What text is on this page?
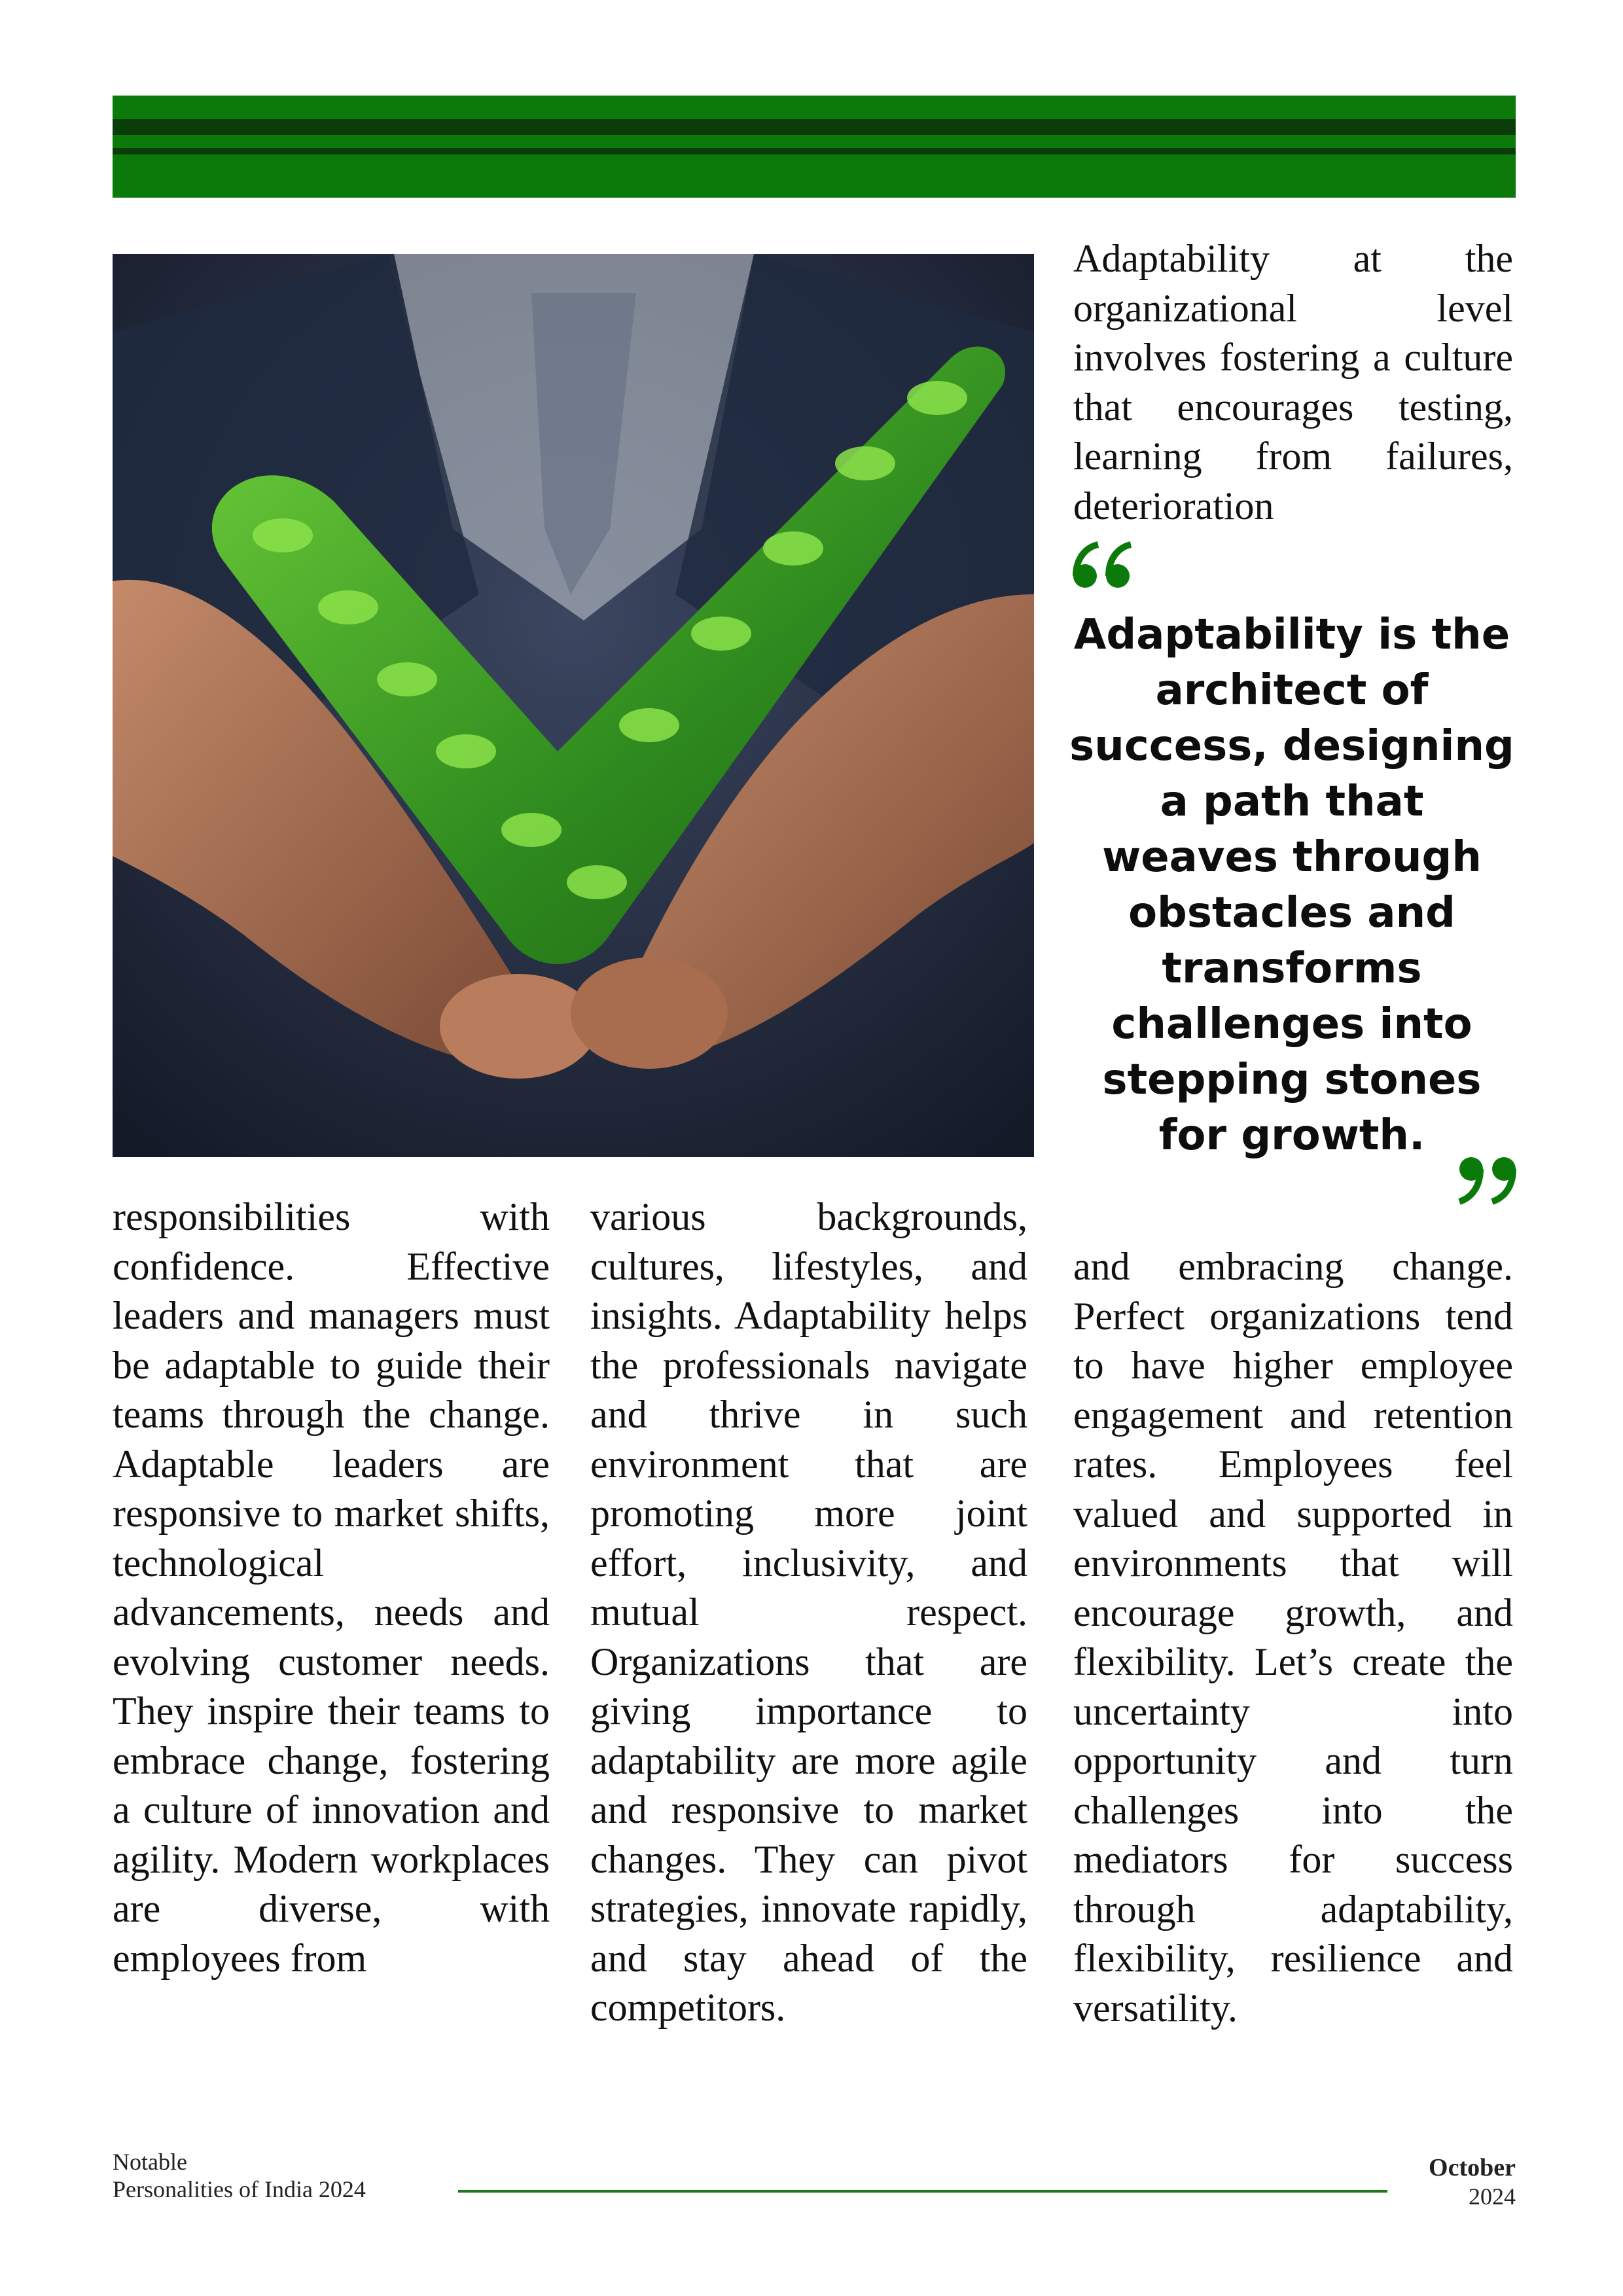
Adaptability at the organizational level involves fostering a culture that encourages testing, learning from failures, deterioration
Adaptability is the architect of success, designing a path that weaves through obstacles and transforms challenges into stepping stones for growth.
responsibilities with confidence. Effective leaders and managers must be adaptable to guide their teams through the change. Adaptable leaders are responsive to market shifts, technological advancements, needs and evolving customer needs. They inspire their teams to embrace change, fostering a culture of innovation and agility. Modern workplaces are diverse, with employees from
various backgrounds, cultures, lifestyles, and insights. Adaptability helps the professionals navigate and thrive in such environment that are promoting more joint effort, inclusivity, and mutual respect. Organizations that are giving importance to adaptability are more agile and responsive to market changes. They can pivot strategies, innovate rapidly, and stay ahead of the competitors.
and embracing change. Perfect organizations tend to have higher employee engagement and retention rates. Employees feel valued and supported in environments that will encourage growth, and flexibility. Let’s create the uncertainty into opportunity and turn challenges into the mediators for success through adaptability, flexibility, resilience and versatility.
Notable
Personalities of India 2024
October
2024
